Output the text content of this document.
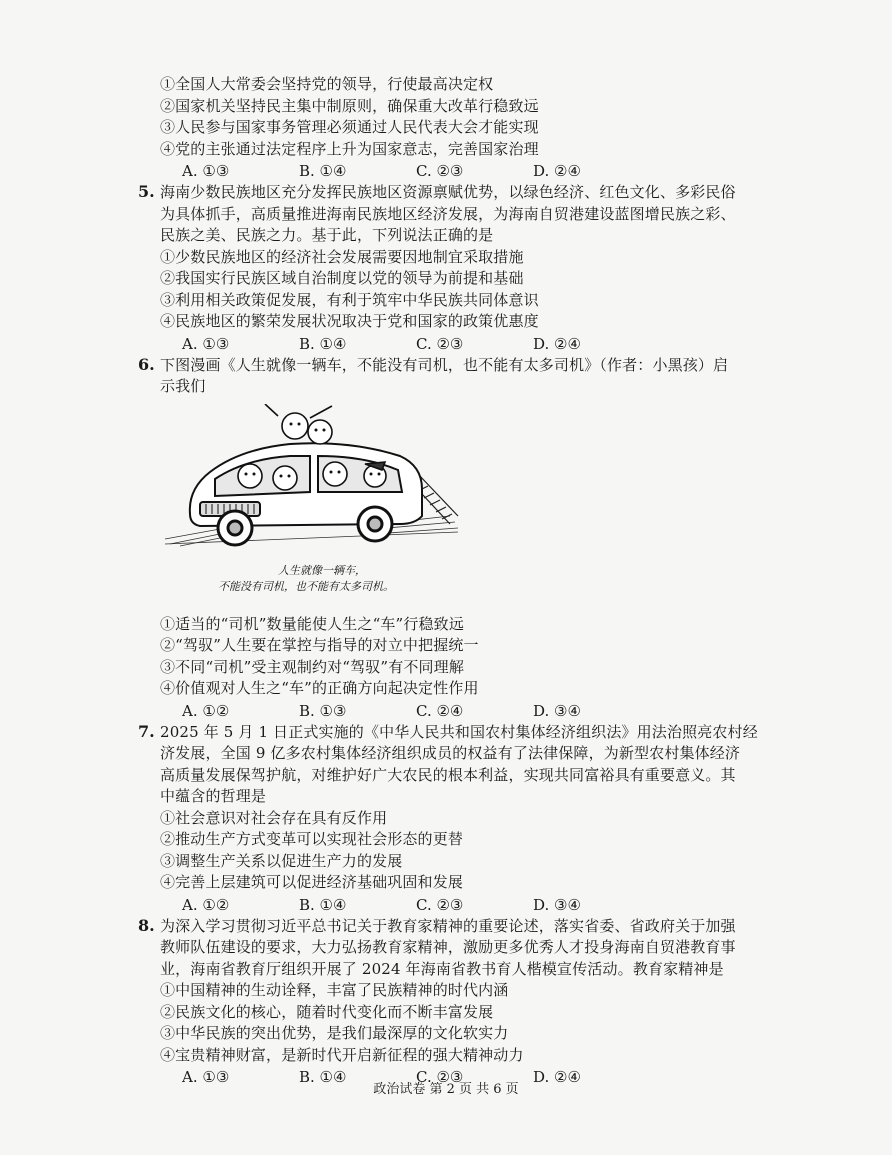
①全国人大常委会坚持党的领导，行使最高决定权
②国家机关坚持民主集中制原则，确保重大改革行稳致远
③人民参与国家事务管理必须通过人民代表大会才能实现
④党的主张通过法定程序上升为国家意志，完善国家治理
A. ①③	B. ①④	C. ②③	D. ②④
5. 海南少数民族地区充分发挥民族地区资源禀赋优势，以绿色经济、红色文化、多彩民俗
为具体抓手，高质量推进海南民族地区经济发展，为海南自贸港建设蓝图增民族之彩、
民族之美、民族之力。基于此，下列说法正确的是
①少数民族地区的经济社会发展需要因地制宜采取措施
②我国实行民族区域自治制度以党的领导为前提和基础
③利用相关政策促发展，有利于筑牢中华民族共同体意识
④民族地区的繁荣发展状况取决于党和国家的政策优惠度
A. ①③	B. ①④	C. ②③	D. ②④
6. 下图漫画《人生就像一辆车，不能没有司机，也不能有太多司机》（作者：小黑孩）启
示我们
人生就像一辆车，
不能没有司机，也不能有太多司机。
①适当的“司机”数量能使人生之“车”行稳致远
②“驾驭”人生要在掌控与指导的对立中把握统一
③不同“司机”受主观制约对“驾驭”有不同理解
④价值观对人生之“车”的正确方向起决定性作用
A. ①②	B. ①③	C. ②④	D. ③④
7. 2025 年 5 月 1 日正式实施的《中华人民共和国农村集体经济组织法》用法治照亮农村经
济发展，全国 9 亿多农村集体经济组织成员的权益有了法律保障，为新型农村集体经济
高质量发展保驾护航，对维护好广大农民的根本利益，实现共同富裕具有重要意义。其
中蕴含的哲理是
①社会意识对社会存在具有反作用
②推动生产方式变革可以实现社会形态的更替
③调整生产关系以促进生产力的发展
④完善上层建筑可以促进经济基础巩固和发展
A. ①②	B. ①④	C. ②③	D. ③④
8. 为深入学习贯彻习近平总书记关于教育家精神的重要论述，落实省委、省政府关于加强
教师队伍建设的要求，大力弘扬教育家精神，激励更多优秀人才投身海南自贸港教育事
业，海南省教育厅组织开展了 2024 年海南省教书育人楷模宣传活动。教育家精神是
①中国精神的生动诠释，丰富了民族精神的时代内涵
②民族文化的核心，随着时代变化而不断丰富发展
③中华民族的突出优势，是我们最深厚的文化软实力
④宝贵精神财富，是新时代开启新征程的强大精神动力
A. ①③	B. ①④	C. ②③	D. ②④
政治试卷 第 2 页 共 6 页
